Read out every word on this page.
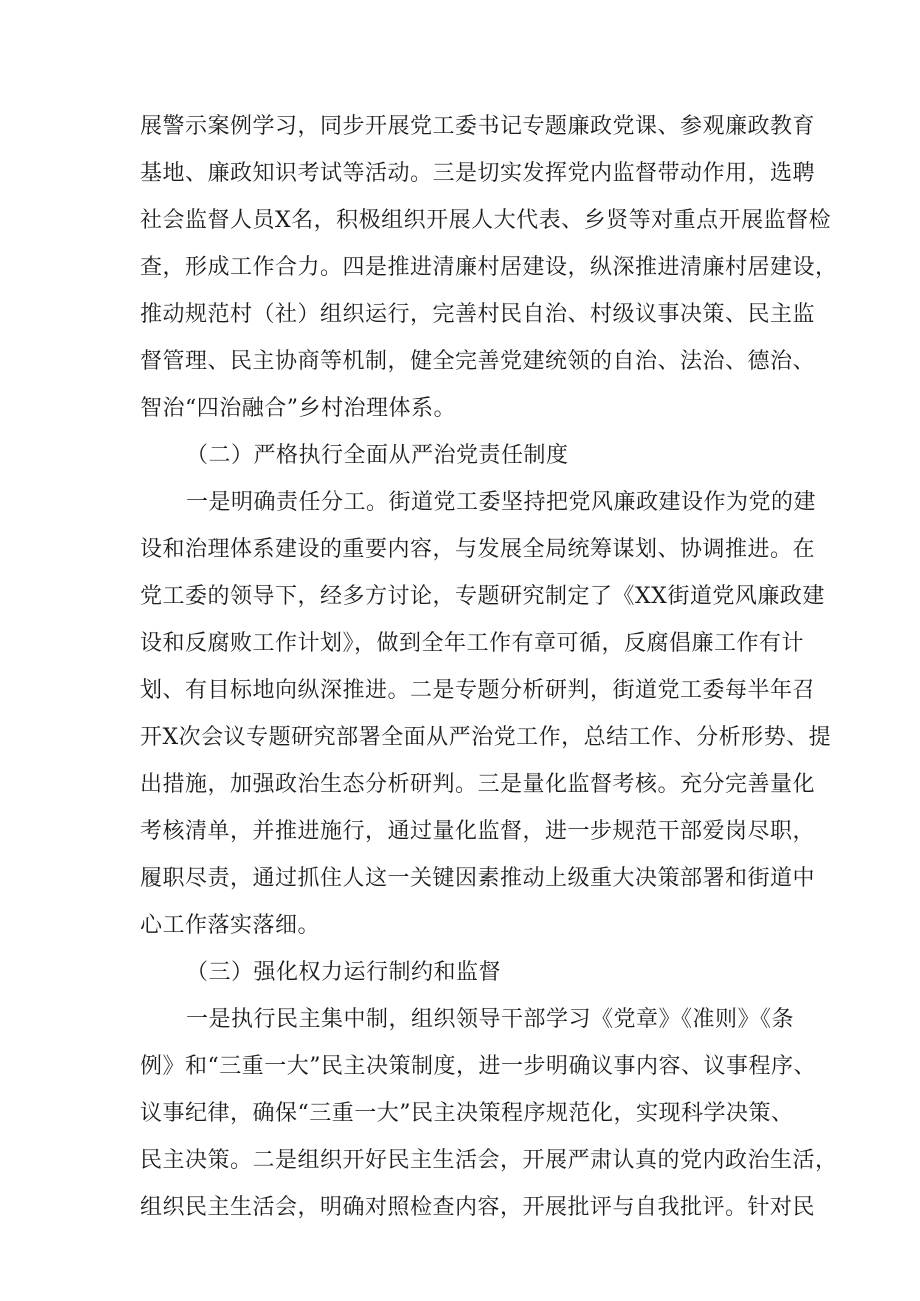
展警示案例学习，同步开展党工委书记专题廉政党课、参观廉政教育
基地、廉政知识考试等活动。三是切实发挥党内监督带动作用，选聘
社会监督人员X名，积极组织开展人大代表、乡贤等对重点开展监督检
查，形成工作合力。四是推进清廉村居建设，纵深推进清廉村居建设，
推动规范村（社）组织运行，完善村民自治、村级议事决策、民主监
督管理、民主协商等机制，健全完善党建统领的自治、法治、德治、
智治“四治融合”乡村治理体系。
（二）严格执行全面从严治党责任制度
一是明确责任分工。街道党工委坚持把党风廉政建设作为党的建
设和治理体系建设的重要内容，与发展全局统筹谋划、协调推进。在
党工委的领导下，经多方讨论，专题研究制定了《XX街道党风廉政建
设和反腐败工作计划》，做到全年工作有章可循，反腐倡廉工作有计
划、有目标地向纵深推进。二是专题分析研判，街道党工委每半年召
开X次会议专题研究部署全面从严治党工作，总结工作、分析形势、提
出措施，加强政治生态分析研判。三是量化监督考核。充分完善量化
考核清单，并推进施行，通过量化监督，进一步规范干部爱岗尽职，
履职尽责，通过抓住人这一关键因素推动上级重大决策部署和街道中
心工作落实落细。
（三）强化权力运行制约和监督
一是执行民主集中制，组织领导干部学习《党章》《准则》《条
例》和“三重一大”民主决策制度，进一步明确议事内容、议事程序、
议事纪律，确保“三重一大”民主决策程序规范化，实现科学决策、
民主决策。二是组织开好民主生活会，开展严肃认真的党内政治生活，
组织民主生活会，明确对照检查内容，开展批评与自我批评。针对民
